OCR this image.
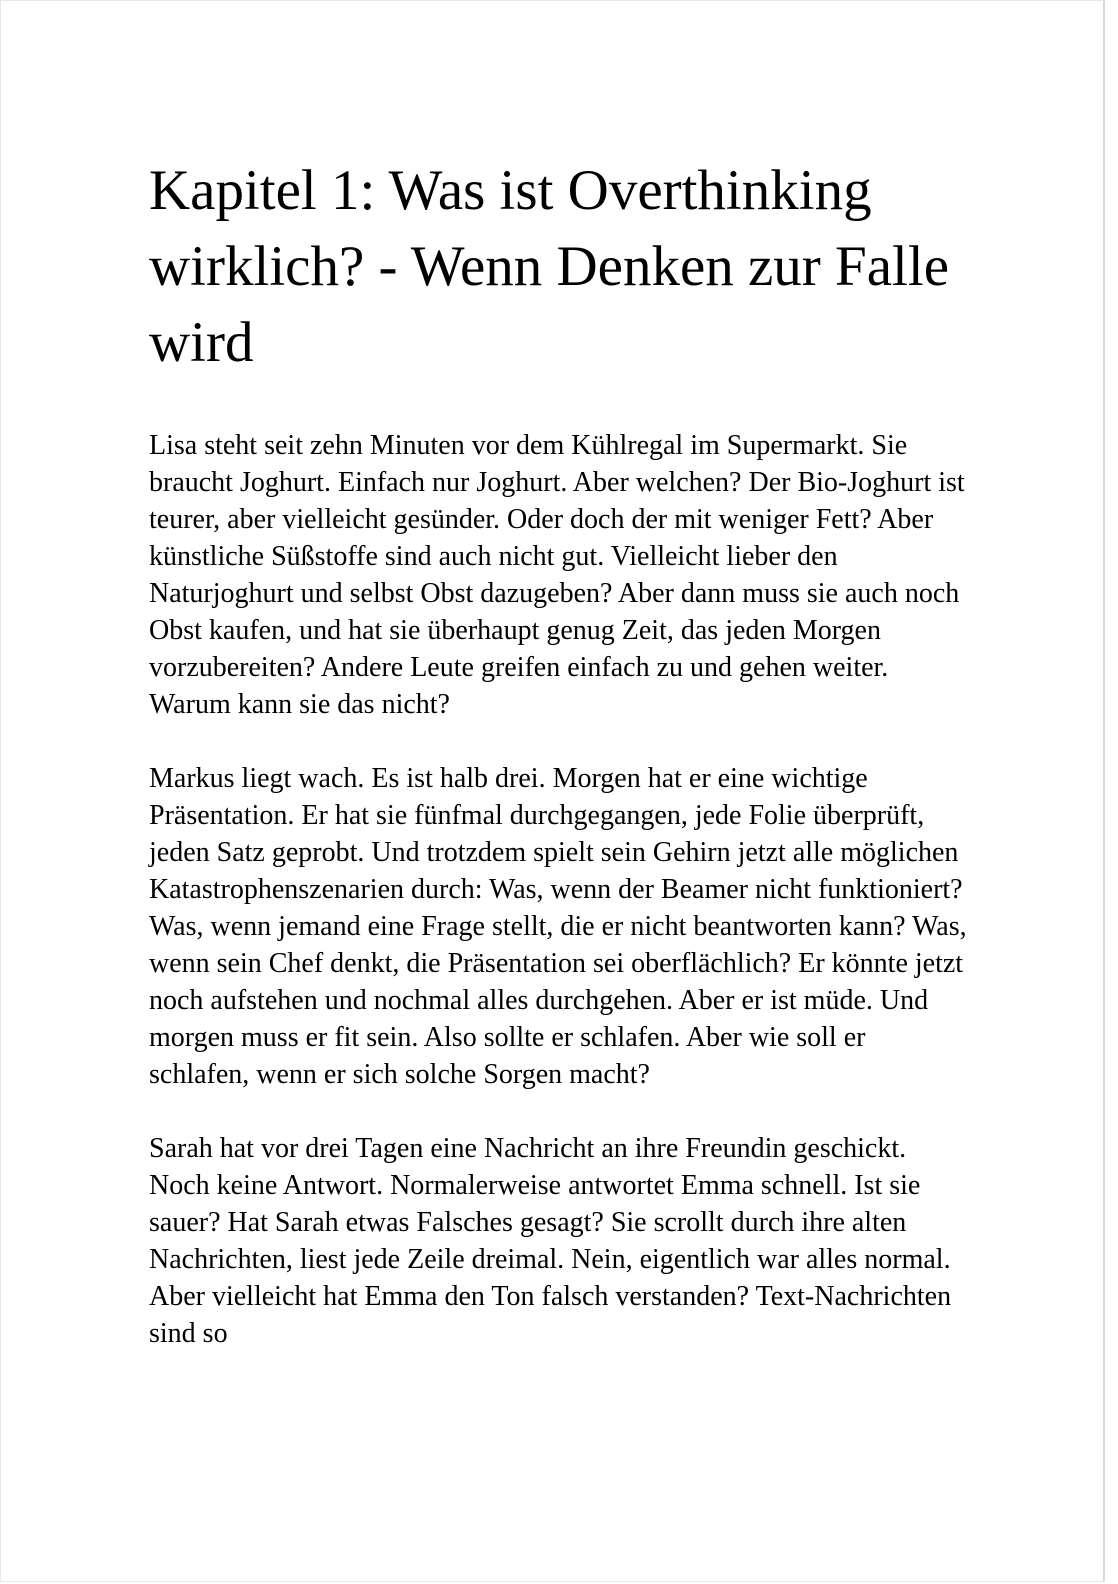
Kapitel 1: Was ist Overthinking wirklich? - Wenn Denken zur Falle wird

Lisa steht seit zehn Minuten vor dem Kühlregal im Supermarkt. Sie braucht Joghurt. Einfach nur Joghurt. Aber welchen? Der Bio-Joghurt ist teurer, aber vielleicht gesünder. Oder doch der mit weniger Fett? Aber künstliche Süßstoffe sind auch nicht gut. Vielleicht lieber den Naturjoghurt und selbst Obst dazugeben? Aber dann muss sie auch noch Obst kaufen, und hat sie überhaupt genug Zeit, das jeden Morgen vorzubereiten? Andere Leute greifen einfach zu und gehen weiter. Warum kann sie das nicht?

Markus liegt wach. Es ist halb drei. Morgen hat er eine wichtige Präsentation. Er hat sie fünfmal durchgegangen, jede Folie überprüft, jeden Satz geprobt. Und trotzdem spielt sein Gehirn jetzt alle möglichen Katastrophenszenarien durch: Was, wenn der Beamer nicht funktioniert? Was, wenn jemand eine Frage stellt, die er nicht beantworten kann? Was, wenn sein Chef denkt, die Präsentation sei oberflächlich? Er könnte jetzt noch aufstehen und nochmal alles durchgehen. Aber er ist müde. Und morgen muss er fit sein. Also sollte er schlafen. Aber wie soll er schlafen, wenn er sich solche Sorgen macht?

Sarah hat vor drei Tagen eine Nachricht an ihre Freundin geschickt. Noch keine Antwort. Normalerweise antwortet Emma schnell. Ist sie sauer? Hat Sarah etwas Falsches gesagt? Sie scrollt durch ihre alten Nachrichten, liest jede Zeile dreimal. Nein, eigentlich war alles normal. Aber vielleicht hat Emma den Ton falsch verstanden? Text-Nachrichten sind so
